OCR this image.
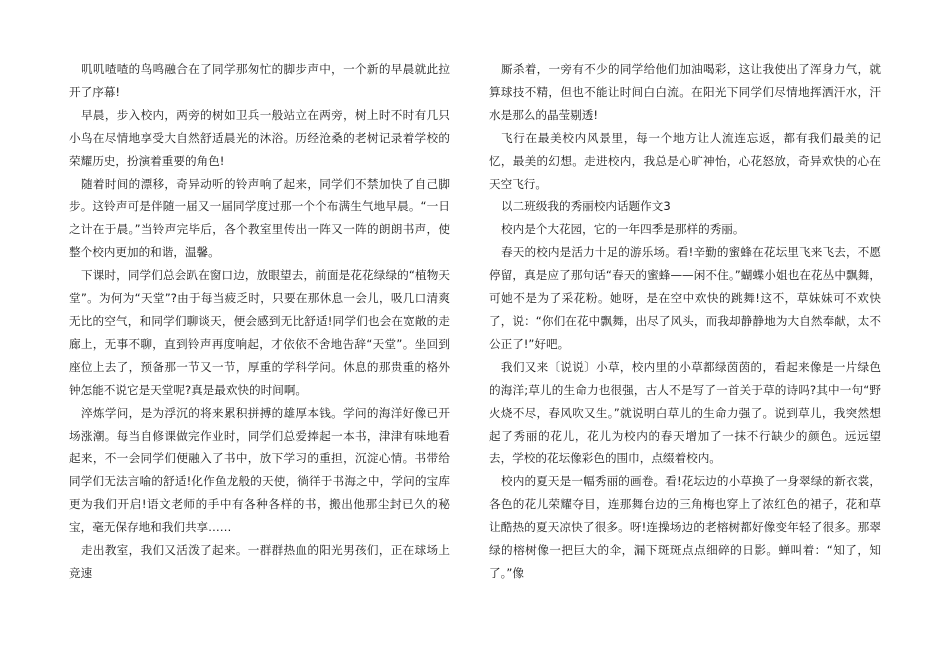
叽叽喳喳的鸟鸣融合在了同学那匆忙的脚步声中，一个新的早晨就此拉开了序幕!

早晨，步入校内，两旁的树如卫兵一般站立在两旁，树上时不时有几只小鸟在尽情地享受大自然舒适晨光的沐浴。历经沧桑的老树记录着学校的荣耀历史，扮演着重要的角色!

随着时间的漂移，奇异动听的铃声响了起来，同学们不禁加快了自己脚步。这铃声可是伴随一届又一届同学度过那一个个布满生气地早晨。“一日之计在于晨。”当铃声完毕后，各个教室里传出一阵又一阵的朗朗书声，使整个校内更加的和谐，温馨。

下课时，同学们总会趴在窗口边，放眼望去，前面是花花绿绿的“植物天堂”。为何为“天堂”?由于每当疲乏时，只要在那休息一会儿，吸几口清爽无比的空气，和同学们聊谈天，便会感到无比舒适!同学们也会在宽敞的走廊上，无事不聊，直到铃声再度响起，才依依不舍地告辞“天堂”。坐回到座位上去了，预备那一节又一节，厚重的学科学问。休息的那贵重的格外钟怎能不说它是天堂呢?真是最欢快的时间啊。

淬炼学问，是为浮沉的将来累积拼搏的雄厚本钱。学问的海洋好像已开场涨潮。每当自修课做完作业时，同学们总爱捧起一本书，津津有味地看起来，不一会同学们便融入了书中，放下学习的重担，沉淀心情。书带给同学们无法言喻的舒适!化作鱼龙般的天使，徜徉于书海之中，学问的宝库更为我们开启!语文老师的手中有各种各样的书，搬出他那尘封已久的秘宝，毫无保存地和我们共享……

走出教室，我们又活泼了起来。一群群热血的阳光男孩们，正在球场上竞速

厮杀着，一旁有不少的同学给他们加油喝彩，这让我使出了浑身力气，就算球技不精，但也不能让时间白白流。在阳光下同学们尽情地挥洒汗水，汗水是那么的晶莹剔透!

飞行在最美校内风景里，每一个地方让人流连忘返，都有我们最美的记忆，最美的幻想。走进校内，我总是心旷神怡，心花怒放，奇异欢快的心在天空飞行。

以二班级我的秀丽校内话题作文3

校内是个大花园，它的一年四季是那样的秀丽。

春天的校内是活力十足的游乐场。看!辛勤的蜜蜂在花坛里飞来飞去，不愿停留，真是应了那句话“春天的蜜蜂——闲不住。”蝴蝶小姐也在花丛中飘舞，可她不是为了采花粉。她呀，是在空中欢快的跳舞!这不，草妹妹可不欢快了，说：“你们在花中飘舞，出尽了风头，而我却静静地为大自然奉献，太不公正了!”好吧。

我们又来〔说说〕小草，校内里的小草都绿茵茵的，看起来像是一片绿色的海洋;草儿的生命力也很强，古人不是写了一首关于草的诗吗?其中一句“野火烧不尽，春风吹又生。”就说明白草儿的生命力强了。说到草儿，我突然想起了秀丽的花儿，花儿为校内的春天增加了一抹不行缺少的颜色。远远望去，学校的花坛像彩色的围巾，点缀着校内。

校内的夏天是一幅秀丽的画卷。看!花坛边的小草换了一身翠绿的新衣裳，各色的花儿荣耀夺目，连那舞台边的三角梅也穿上了浓红色的裙子，花和草让酷热的夏天凉快了很多。呀!连操场边的老榕树都好像变年轻了很多。那翠绿的榕树像一把巨大的伞，漏下斑斑点点细碎的日影。蝉叫着：“知了，知了。”像
